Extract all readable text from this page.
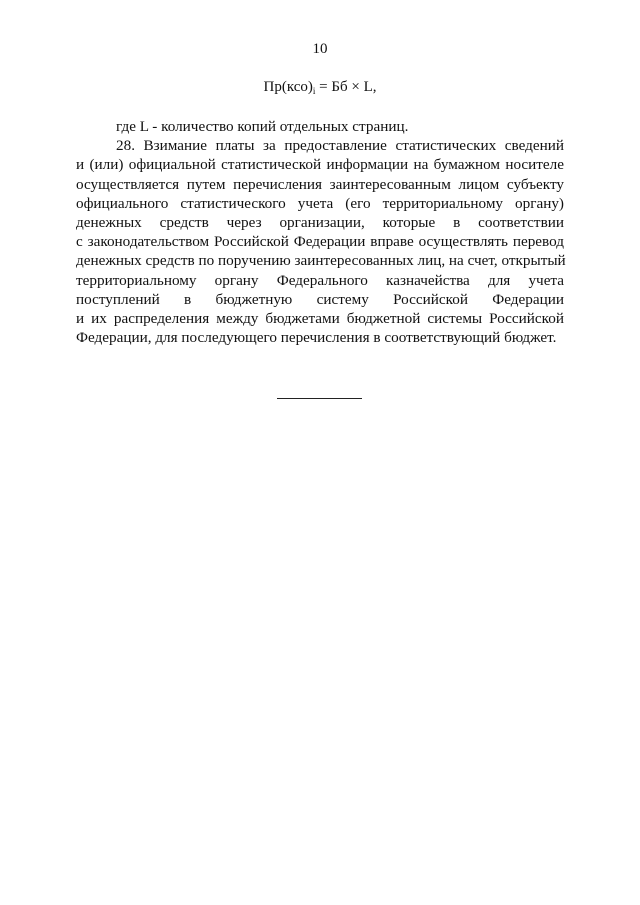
10
$Пр(ксо)_i$ = Бб × L,
где L - количество копий отдельных страниц.
28. Взимание платы за предоставление статистических сведений
и (или) официальной статистической информации на бумажном носителе
осуществляется путем перечисления заинтересованным лицом субъекту
официального статистического учета (его территориальному органу)
денежных средств через организации, которые в соответствии
с законодательством Российской Федерации вправе осуществлять перевод
денежных средств по поручению заинтересованных лиц, на счет, открытый
территориальному органу Федерального казначейства для учета
поступлений в бюджетную систему Российской Федерации
и их распределения между бюджетами бюджетной системы Российской
Федерации, для последующего перечисления в соответствующий бюджет.
